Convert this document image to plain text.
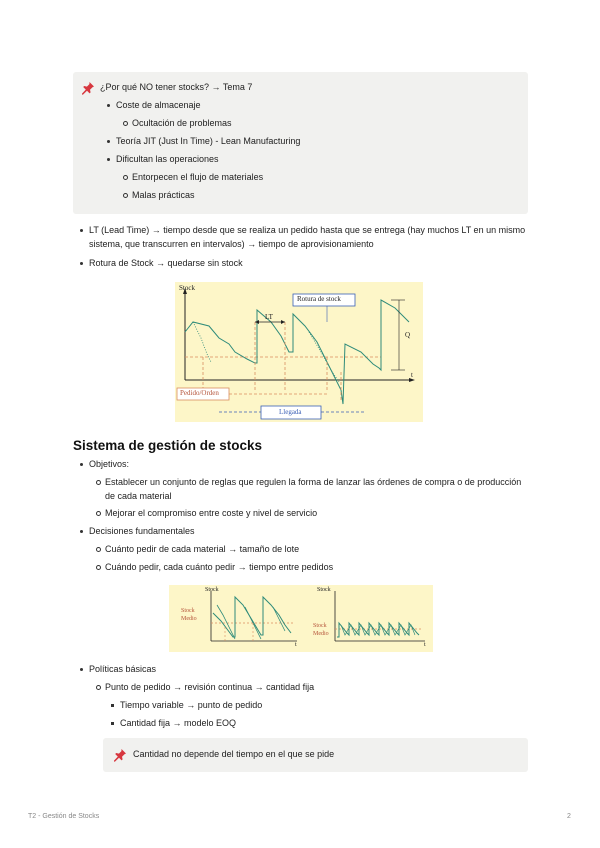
¿Por qué NO tener stocks? → Tema 7
Coste de almacenaje
Ocultación de problemas
Teoría JIT (Just In Time) - Lean Manufacturing
Dificultan las operaciones
Entorpecen el flujo de materiales
Malas prácticas
LT (Lead Time) → tiempo desde que se realiza un pedido hasta que se entrega (hay muchos LT en un mismo
sistema, que transcurren en intervalos) → tiempo de aprovisionamiento
Rotura de Stock → quedarse sin stock
Stock
t
LT
Rotura de stock
Q
Pedido/Orden
Llegada
Sistema de gestión de stocks
Objetivos:
Establecer un conjunto de reglas que regulen la forma de lanzar las órdenes de compra o de producción
de cada material
Mejorar el compromiso entre coste y nivel de servicio
Decisiones fundamentales
Cuánto pedir de cada material → tamaño de lote
Cuándo pedir, cada cuánto pedir → tiempo entre pedidos
Stock
Stock Medio
t
Stock
Stock Medio
t
Políticas básicas
Punto de pedido → revisión continua → cantidad fija
Tiempo variable → punto de pedido
Cantidad fija → modelo EOQ
Cantidad no depende del tiempo en el que se pide
T2 - Gestión de Stocks	2
